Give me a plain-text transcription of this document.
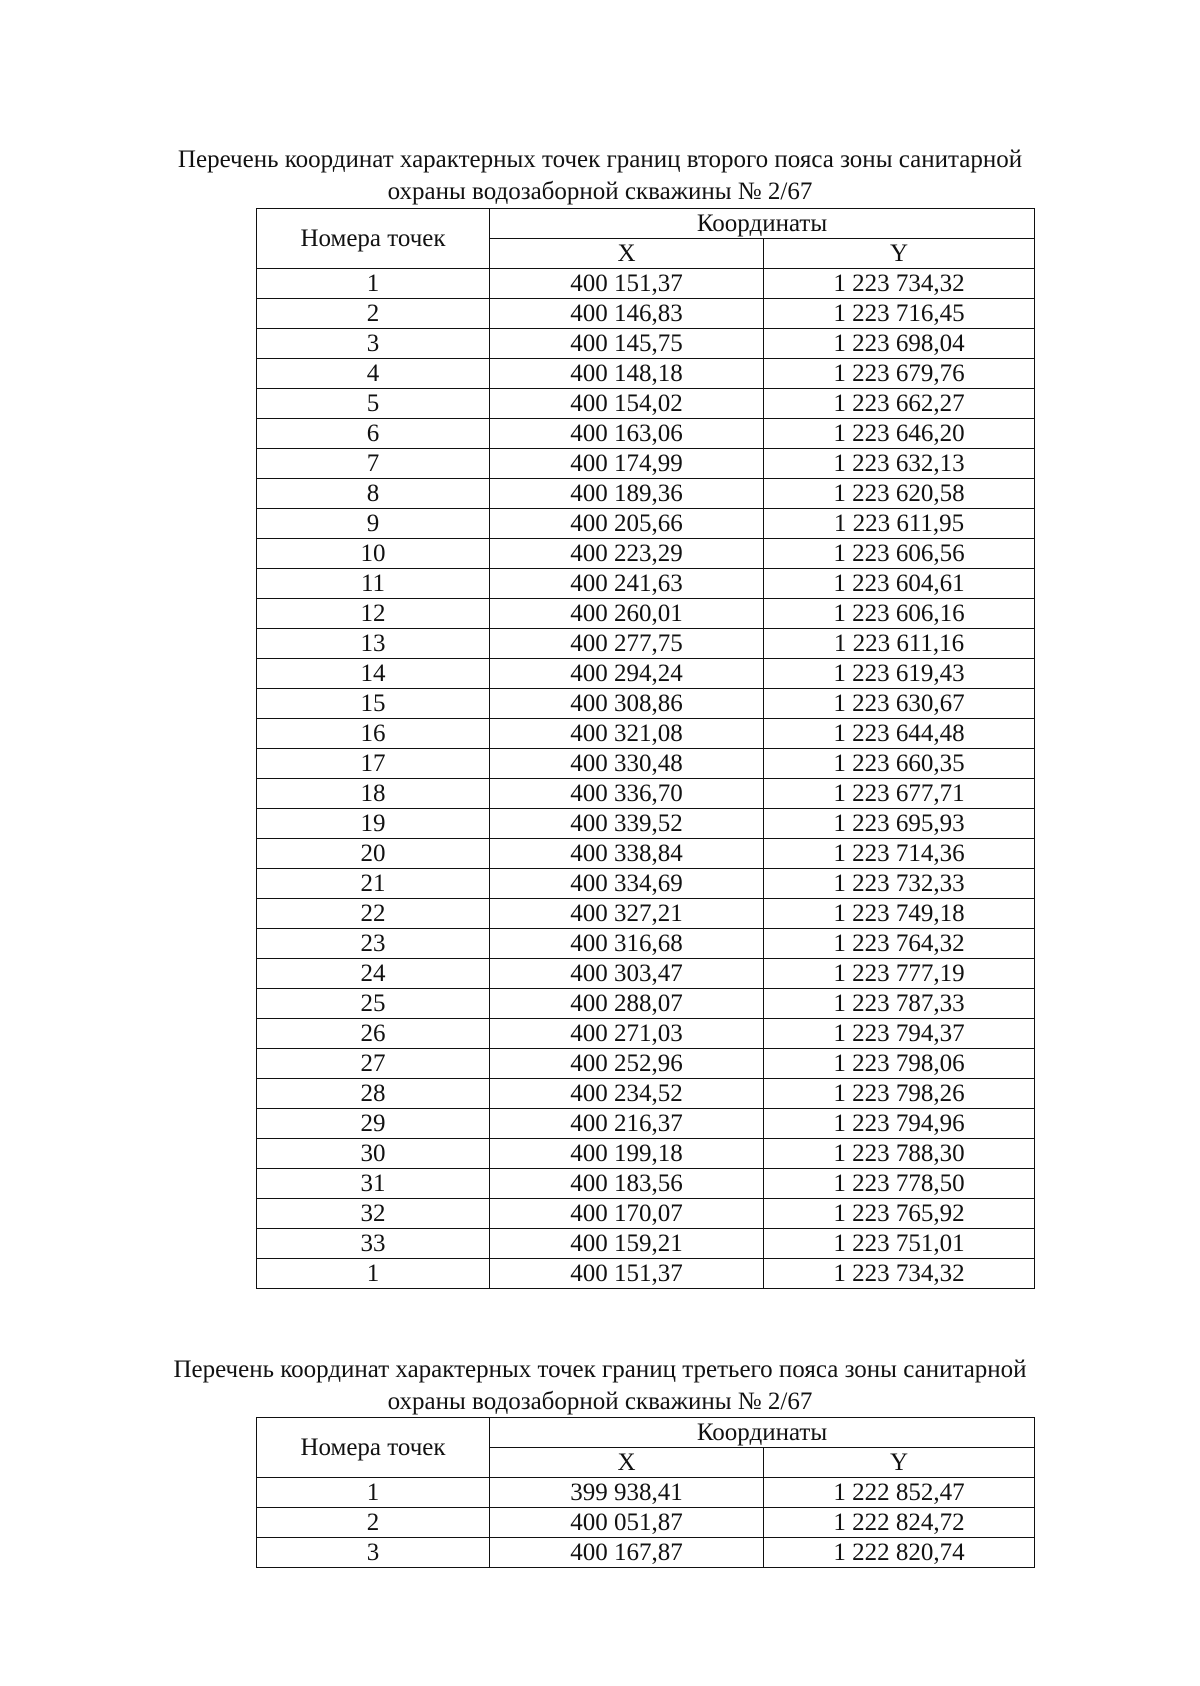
Перечень координат характерных точек границ второго пояса зоны санитарной
охраны водозаборной скважины № 2/67
Номера точек	Координаты	
	X	Y
1	400 151,37	1 223 734,32
2	400 146,83	1 223 716,45
3	400 145,75	1 223 698,04
4	400 148,18	1 223 679,76
5	400 154,02	1 223 662,27
6	400 163,06	1 223 646,20
7	400 174,99	1 223 632,13
8	400 189,36	1 223 620,58
9	400 205,66	1 223 611,95
10	400 223,29	1 223 606,56
11	400 241,63	1 223 604,61
12	400 260,01	1 223 606,16
13	400 277,75	1 223 611,16
14	400 294,24	1 223 619,43
15	400 308,86	1 223 630,67
16	400 321,08	1 223 644,48
17	400 330,48	1 223 660,35
18	400 336,70	1 223 677,71
19	400 339,52	1 223 695,93
20	400 338,84	1 223 714,36
21	400 334,69	1 223 732,33
22	400 327,21	1 223 749,18
23	400 316,68	1 223 764,32
24	400 303,47	1 223 777,19
25	400 288,07	1 223 787,33
26	400 271,03	1 223 794,37
27	400 252,96	1 223 798,06
28	400 234,52	1 223 798,26
29	400 216,37	1 223 794,96
30	400 199,18	1 223 788,30
31	400 183,56	1 223 778,50
32	400 170,07	1 223 765,92
33	400 159,21	1 223 751,01
1	400 151,37	1 223 734,32
Перечень координат характерных точек границ третьего пояса зоны санитарной
охраны водозаборной скважины № 2/67
Номера точек	Координаты	
	X	Y
1	399 938,41	1 222 852,47
2	400 051,87	1 222 824,72
3	400 167,87	1 222 820,74
